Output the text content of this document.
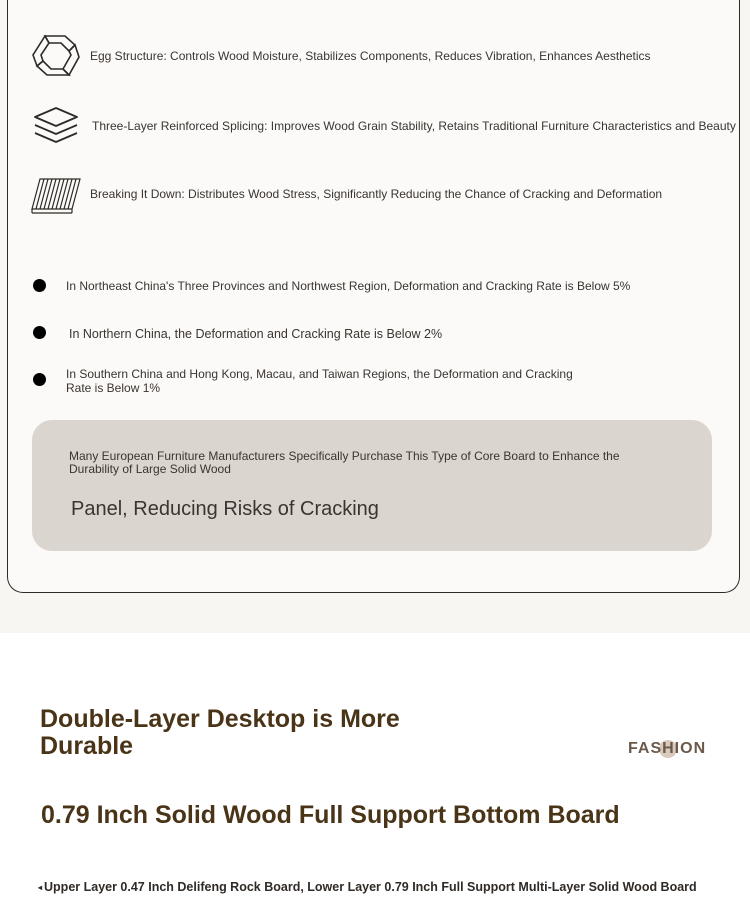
Egg Structure: Controls Wood Moisture, Stabilizes Components, Reduces Vibration, Enhances Aesthetics
Three-Layer Reinforced Splicing: Improves Wood Grain Stability, Retains Traditional Furniture Characteristics and Beauty
Breaking It Down: Distributes Wood Stress, Significantly Reducing the Chance of Cracking and Deformation
In Northeast China's Three Provinces and Northwest Region, Deformation and Cracking Rate is Below 5%
In Northern China, the Deformation and Cracking Rate is Below 2%
In Southern China and Hong Kong, Macau, and Taiwan Regions, the Deformation and Cracking Rate is Below 1%
Many European Furniture Manufacturers Specifically Purchase This Type of Core Board to Enhance the Durability of Large Solid Wood
Panel, Reducing Risks of Cracking
Double-Layer Desktop is More Durable	FASHION
0.79 Inch Solid Wood Full Support Bottom Board
◂ Upper Layer 0.47 Inch Delifeng Rock Board, Lower Layer 0.79 Inch Full Support Multi-Layer Solid Wood Board
